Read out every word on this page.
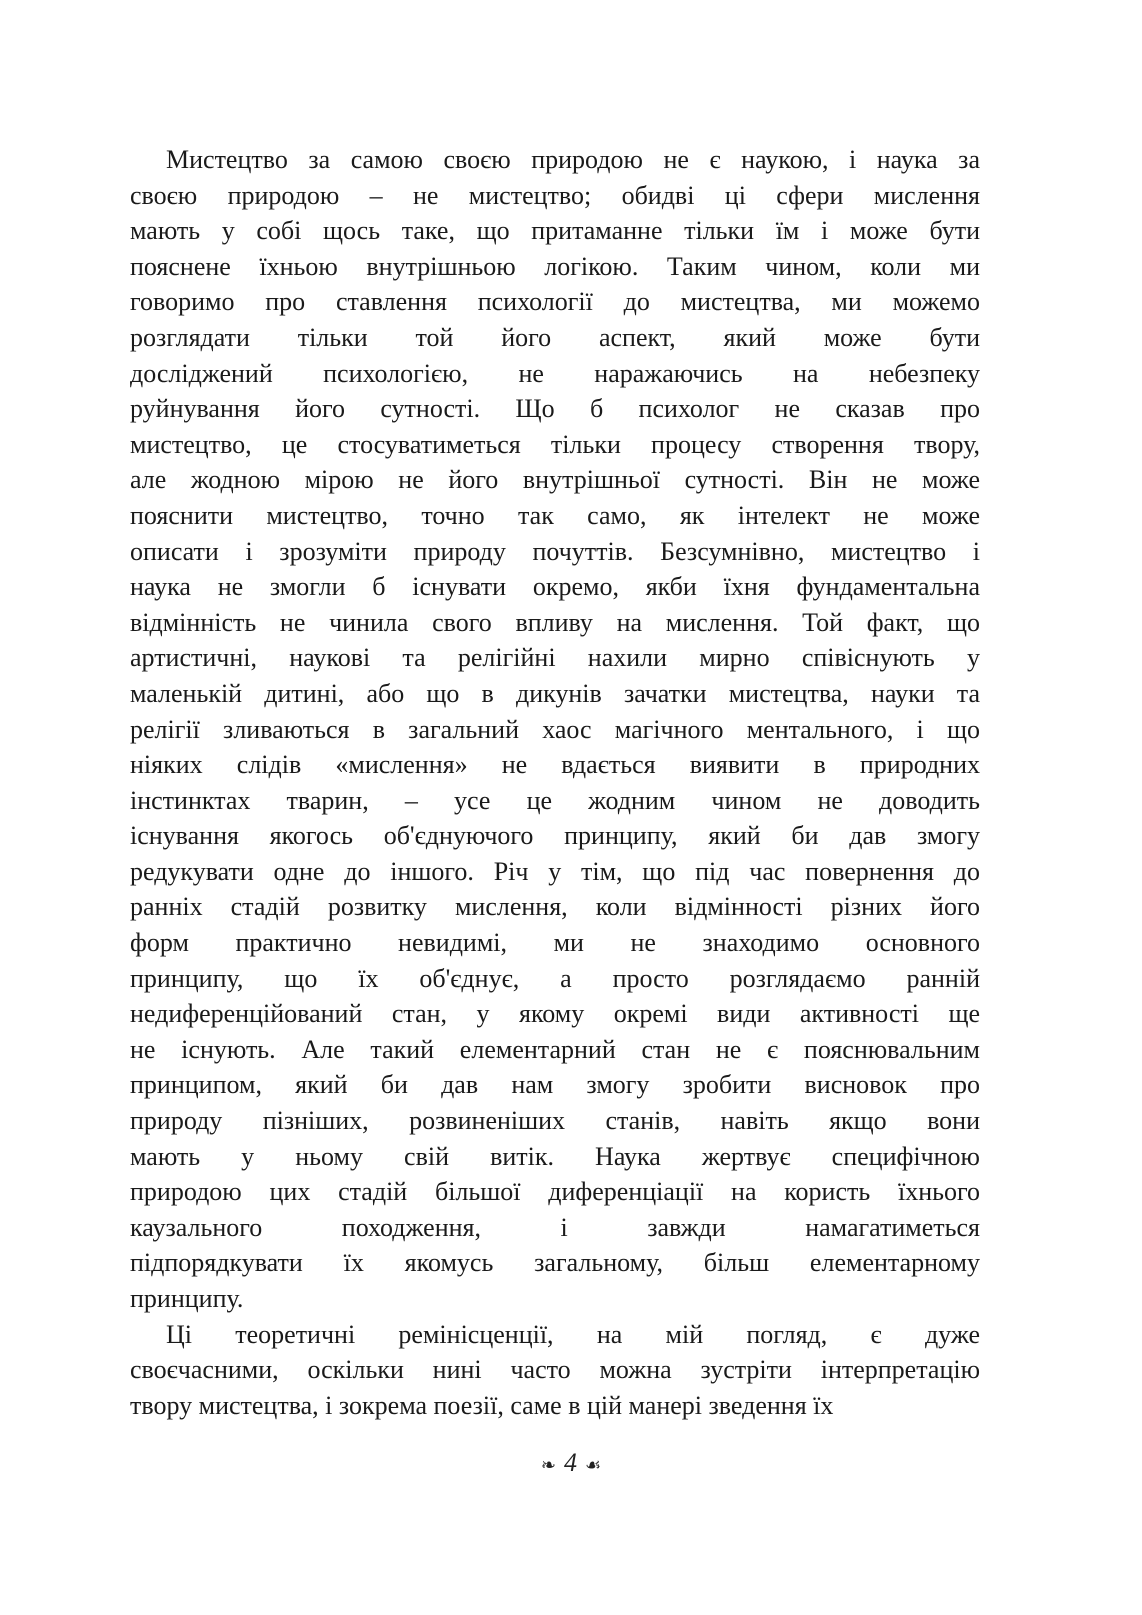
Мистецтво за самою своєю природою не є наукою, і наука за
своєю природою – не мистецтво; обидві ці сфери мислення
мають у собі щось таке, що притаманне тільки їм і може бути
пояснене їхньою внутрішньою логікою. Таким чином, коли ми
говоримо про ставлення психології до мистецтва, ми можемо
розглядати тільки той його аспект, який може бути
досліджений психологією, не наражаючись на небезпеку
руйнування його сутності. Що б психолог не сказав про
мистецтво, це стосуватиметься тільки процесу створення твору,
але жодною мірою не його внутрішньої сутності. Він не може
пояснити мистецтво, точно так само, як інтелект не може
описати і зрозуміти природу почуттів. Безсумнівно, мистецтво і
наука не змогли б існувати окремо, якби їхня фундаментальна
відмінність не чинила свого впливу на мислення. Той факт, що
артистичні, наукові та релігійні нахили мирно співіснують у
маленькій дитині, або що в дикунів зачатки мистецтва, науки та
релігії зливаються в загальний хаос магічного ментального, і що
ніяких слідів «мислення» не вдається виявити в природних
інстинктах тварин, – усе це жодним чином не доводить
існування якогось об'єднуючого принципу, який би дав змогу
редукувати одне до іншого. Річ у тім, що під час повернення до
ранніх стадій розвитку мислення, коли відмінності різних його
форм практично невидимі, ми не знаходимо основного
принципу, що їх об'єднує, а просто розглядаємо ранній
недиференційований стан, у якому окремі види активності ще
не існують. Але такий елементарний стан не є пояснювальним
принципом, який би дав нам змогу зробити висновок про
природу пізніших, розвиненіших станів, навіть якщо вони
мають у ньому свій витік. Наука жертвує специфічною
природою цих стадій більшої диференціації на користь їхнього
каузального походження, і завжди намагатиметься
підпорядкувати їх якомусь загальному, більш елементарному
принципу.
Ці теоретичні ремінісценції, на мій погляд, є дуже
своєчасними, оскільки нині часто можна зустріти інтерпретацію
твору мистецтва, і зокрема поезії, саме в цій манері зведення їх
❧ 4 ☙
